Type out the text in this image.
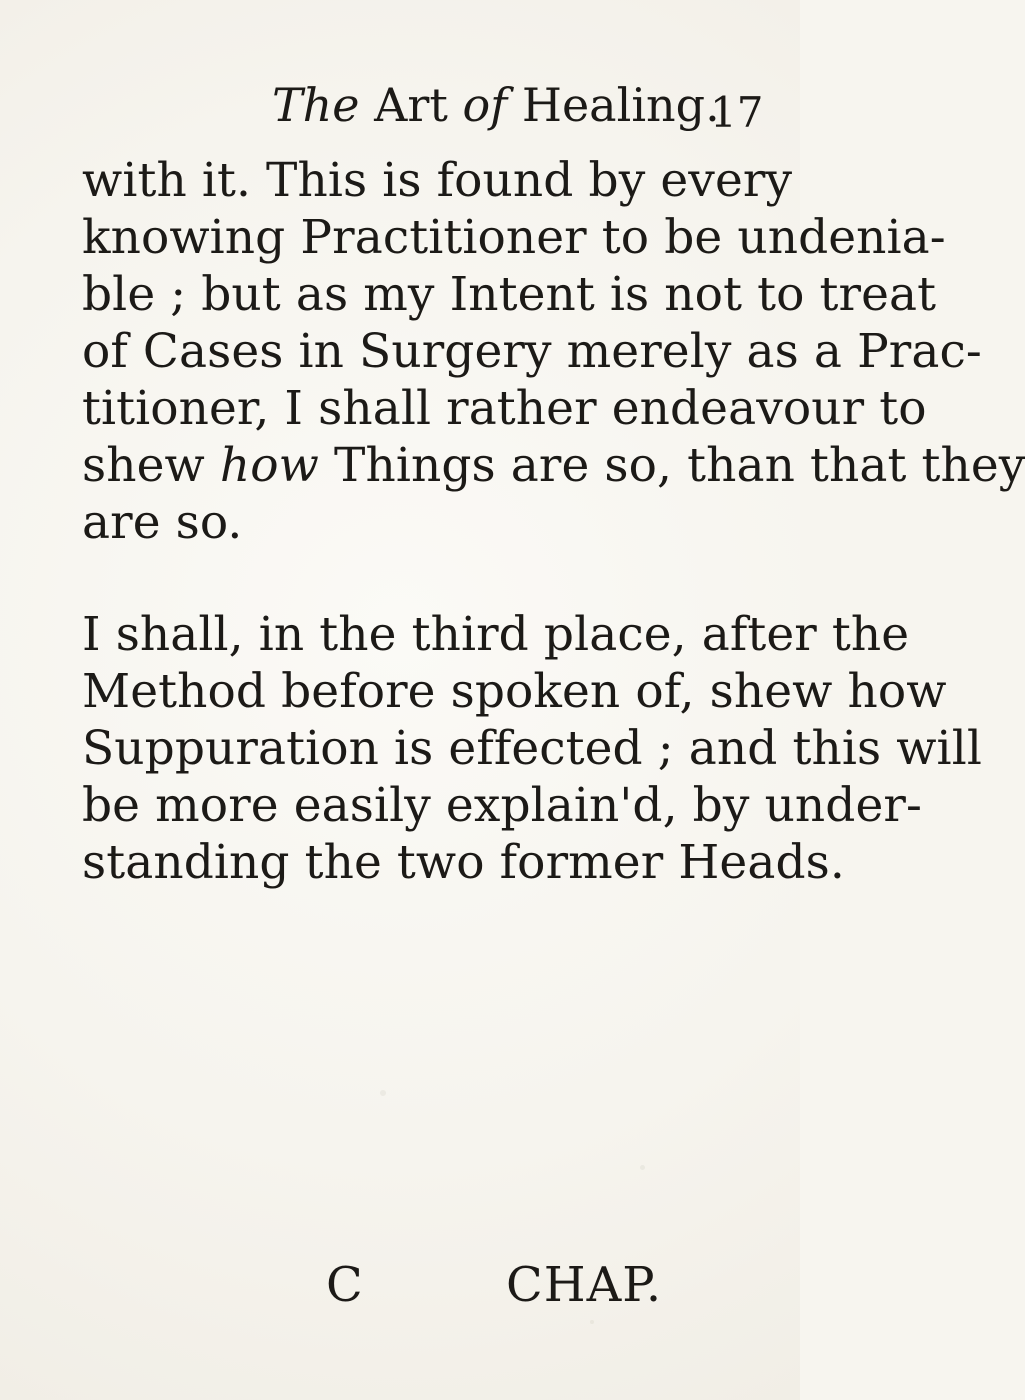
The Art of Healing.
17
with it. This is found by every
knowing Practitioner to be undenia-
ble ; but as my Intent is not to treat
of Cases in Surgery merely as a Prac-
titioner, I shall rather endeavour to
shew how Things are so, than that they
are so.
I shall, in the third place, after the
Method before spoken of, shew how
Suppuration is effected ; and this will
be more easily explain'd, by under-
standing the two former Heads.
C	CHAP.
